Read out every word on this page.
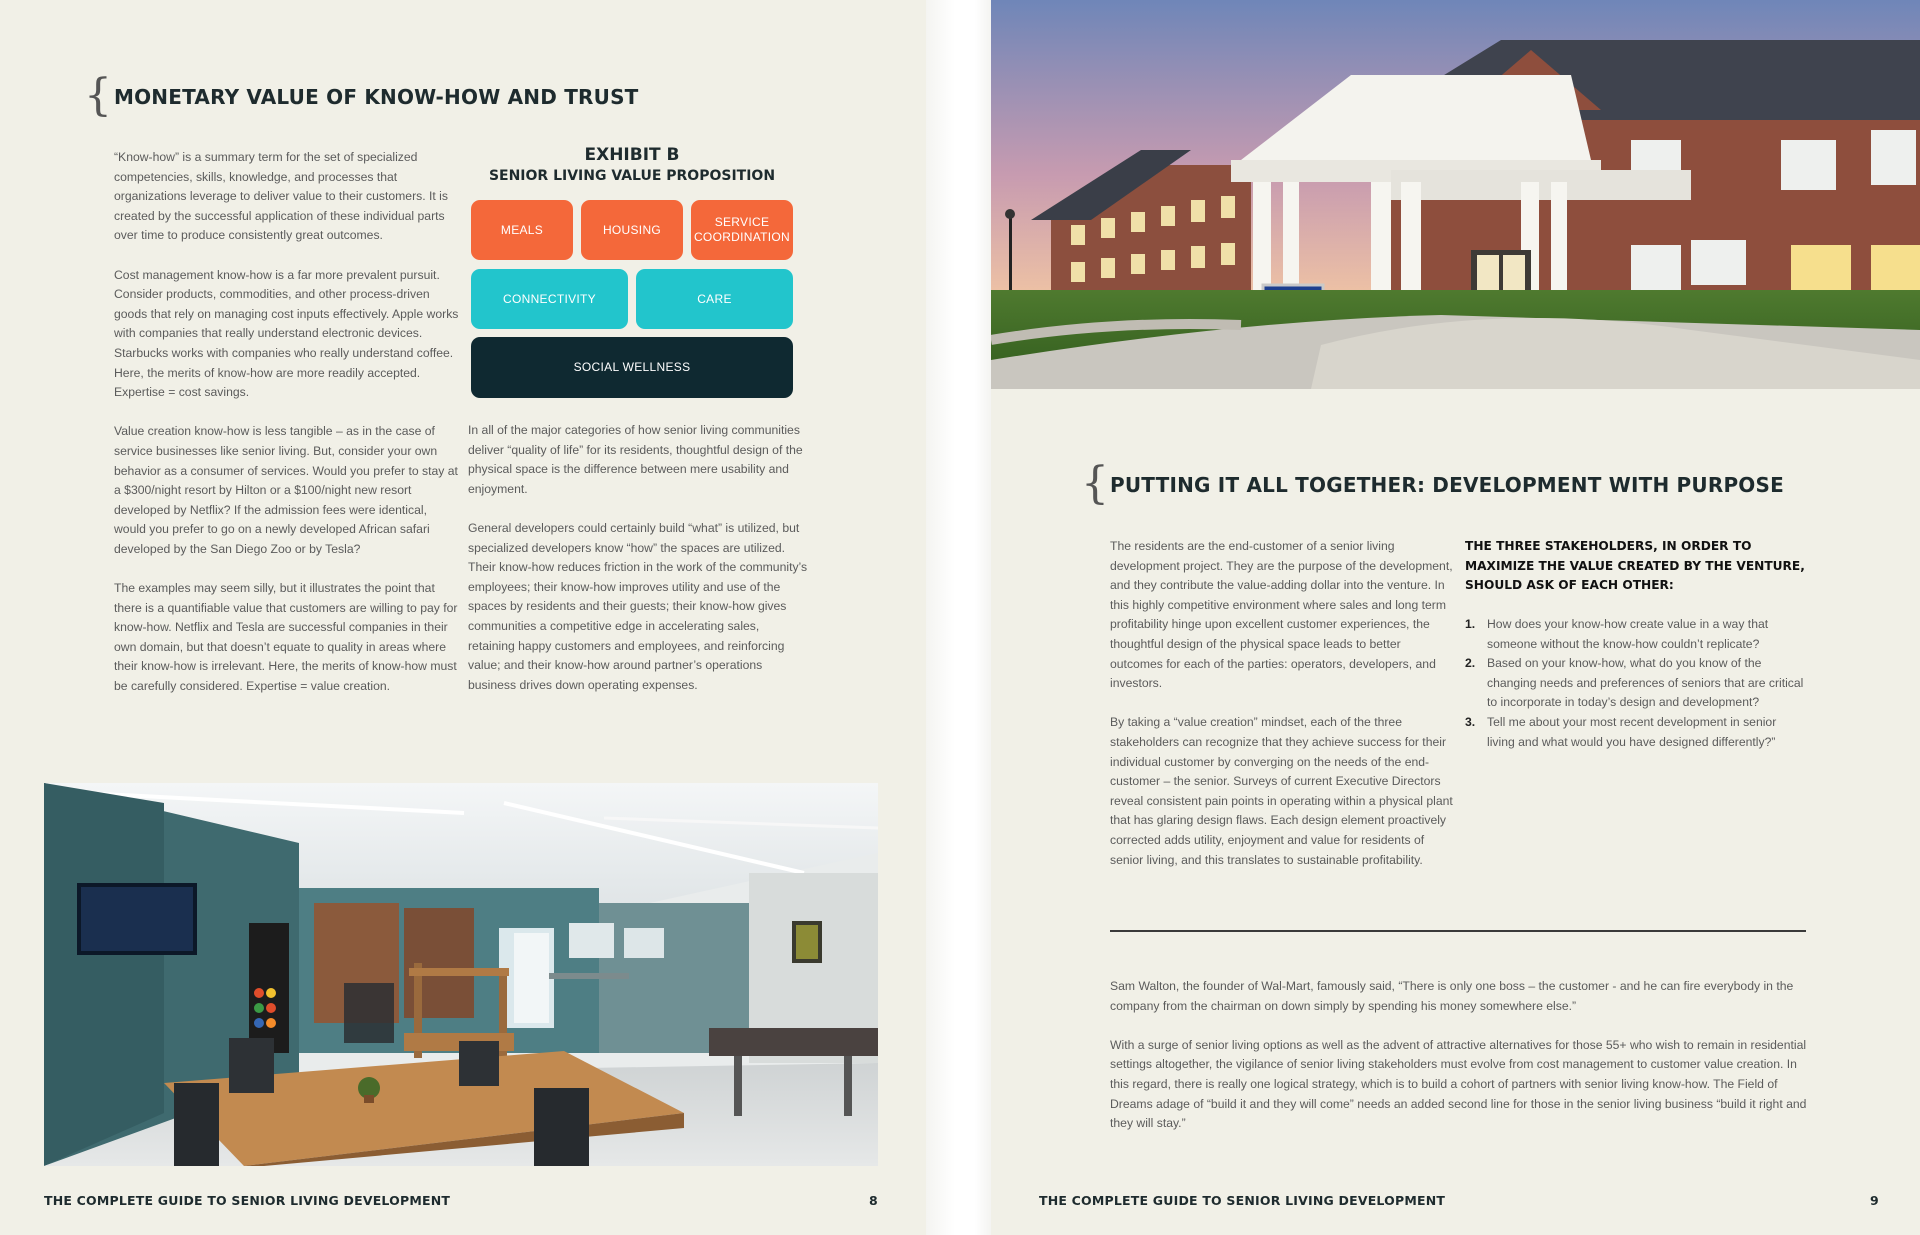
{ MONETARY VALUE OF KNOW-HOW AND TRUST

“Know-how” is a summary term for the set of specialized competencies, skills, knowledge, and processes that organizations leverage to deliver value to their customers. It is created by the successful application of these individual parts over time to produce consistently great outcomes.

Cost management know-how is a far more prevalent pursuit. Consider products, commodities, and other process-driven goods that rely on managing cost inputs effectively. Apple works with companies that really understand electronic devices. Starbucks works with companies who really understand coffee. Here, the merits of know-how are more readily accepted. Expertise = cost savings.

Value creation know-how is less tangible – as in the case of service businesses like senior living. But, consider your own behavior as a consumer of services. Would you prefer to stay at a $300/night resort by Hilton or a $100/night new resort developed by Netflix? If the admission fees were identical, would you prefer to go on a newly developed African safari developed by the San Diego Zoo or by Tesla?

The examples may seem silly, but it illustrates the point that there is a quantifiable value that customers are willing to pay for know-how. Netflix and Tesla are successful companies in their own domain, but that doesn’t equate to quality in areas where their know-how is irrelevant. Here, the merits of know-how must be carefully considered. Expertise = value creation.

EXHIBIT B
SENIOR LIVING VALUE PROPOSITION
MEALS	HOUSING
SERVICE
COORDINATION
CONNECTIVITY	CARE
SOCIAL WELLNESS

In all of the major categories of how senior living communities deliver “quality of life” for its residents, thoughtful design of the physical space is the difference between mere usability and enjoyment.

General developers could certainly build “what” is utilized, but specialized developers know “how” the spaces are utilized. Their know-how reduces friction in the work of the community’s employees; their know-how improves utility and use of the spaces by residents and their guests; their know-how gives communities a competitive edge in accelerating sales, retaining happy customers and employees, and reinforcing value; and their know-how around partner’s operations business drives down operating expenses.

THE COMPLETE GUIDE TO SENIOR LIVING DEVELOPMENT	8
{ PUTTING IT ALL TOGETHER: DEVELOPMENT WITH PURPOSE

The residents are the end-customer of a senior living development project. They are the purpose of the development, and they contribute the value-adding dollar into the venture. In this highly competitive environment where sales and long term profitability hinge upon excellent customer experiences, the thoughtful design of the physical space leads to better outcomes for each of the parties: operators, developers, and investors.

By taking a “value creation” mindset, each of the three stakeholders can recognize that they achieve success for their individual customer by converging on the needs of the end-customer – the senior. Surveys of current Executive Directors reveal consistent pain points in operating within a physical plant that has glaring design flaws. Each design element proactively corrected adds utility, enjoyment and value for residents of senior living, and this translates to sustainable profitability.

THE THREE STAKEHOLDERS, IN ORDER TO MAXIMIZE THE VALUE CREATED BY THE VENTURE, SHOULD ASK OF EACH OTHER:
1. How does your know-how create value in a way that someone without the know-how couldn’t replicate?
2. Based on your know-how, what do you know of the changing needs and preferences of seniors that are critical to incorporate in today’s design and development?
3. Tell me about your most recent development in senior living and what would you have designed differently?”

Sam Walton, the founder of Wal-Mart, famously said, “There is only one boss – the customer - and he can fire everybody in the company from the chairman on down simply by spending his money somewhere else.”

With a surge of senior living options as well as the advent of attractive alternatives for those 55+ who wish to remain in residential settings altogether, the vigilance of senior living stakeholders must evolve from cost management to customer value creation. In this regard, there is really one logical strategy, which is to build a cohort of partners with senior living know-how. The Field of Dreams adage of “build it and they will come” needs an added second line for those in the senior living business “build it right and they will stay.”

THE COMPLETE GUIDE TO SENIOR LIVING DEVELOPMENT	9
